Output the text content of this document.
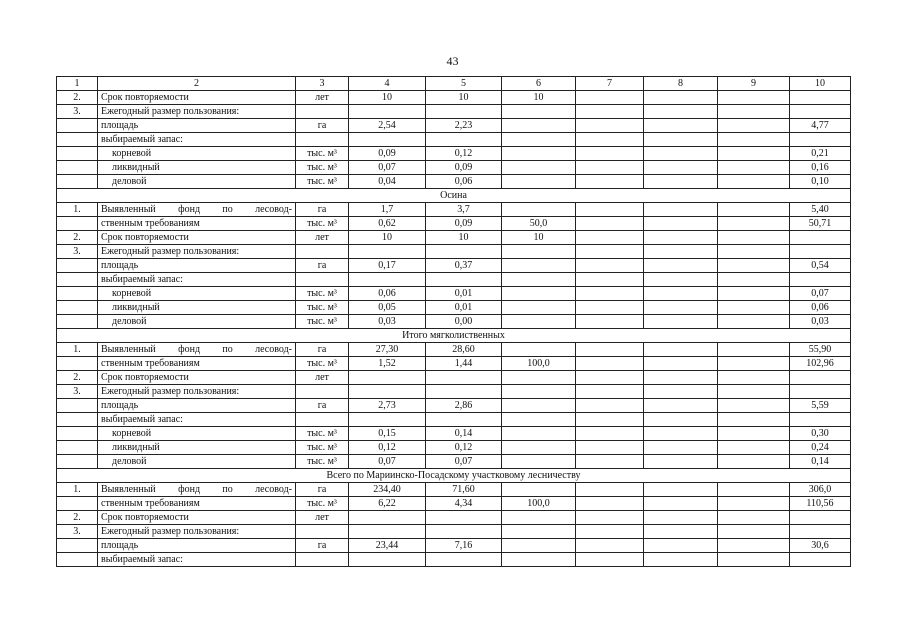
43
1	2	3	4	5	6	7	8	9	10
2.	Срок повторяемости	лет	10	10	10				
3.	Ежегодный размер пользования:								
	площадь	га	2,54	2,23					4,77
	выбираемый запас:								
	корневой	тыс. м³	0,09	0,12					0,21
	ликвидный	тыс. м³	0,07	0,09					0,16
	деловой	тыс. м³	0,04	0,06					0,10
Осина									
1.	Выявленный фонд по лесовод-	га	1,7	3,7					5,40
	ственным требованиям	тыс. м³	0,62	0,09	50,0				50,71
2.	Срок повторяемости	лет	10	10	10				
3.	Ежегодный размер пользования:								
	площадь	га	0,17	0,37					0,54
	выбираемый запас:								
	корневой	тыс. м³	0,06	0,01					0,07
	ликвидный	тыс. м³	0,05	0,01					0,06
	деловой	тыс. м³	0,03	0,00					0,03
Итого мягколиственных									
1.	Выявленный фонд по лесовод-	га	27,30	28,60					55,90
	ственным требованиям	тыс. м³	1,52	1,44	100,0				102,96
2.	Срок повторяемости	лет							
3.	Ежегодный размер пользования:								
	площадь	га	2,73	2,86					5,59
	выбираемый запас:								
	корневой	тыс. м³	0,15	0,14					0,30
	ликвидный	тыс. м³	0,12	0,12					0,24
	деловой	тыс. м³	0,07	0,07					0,14
Всего по Мариинско-Посадскому участковому лесничеству									
1.	Выявленный фонд по лесовод-	га	234,40	71,60					306,0
	ственным требованиям	тыс. м³	6,22	4,34	100,0				110,56
2.	Срок повторяемости	лет							
3.	Ежегодный размер пользования:								
	площадь	га	23,44	7,16					30,6
	выбираемый запас:								
